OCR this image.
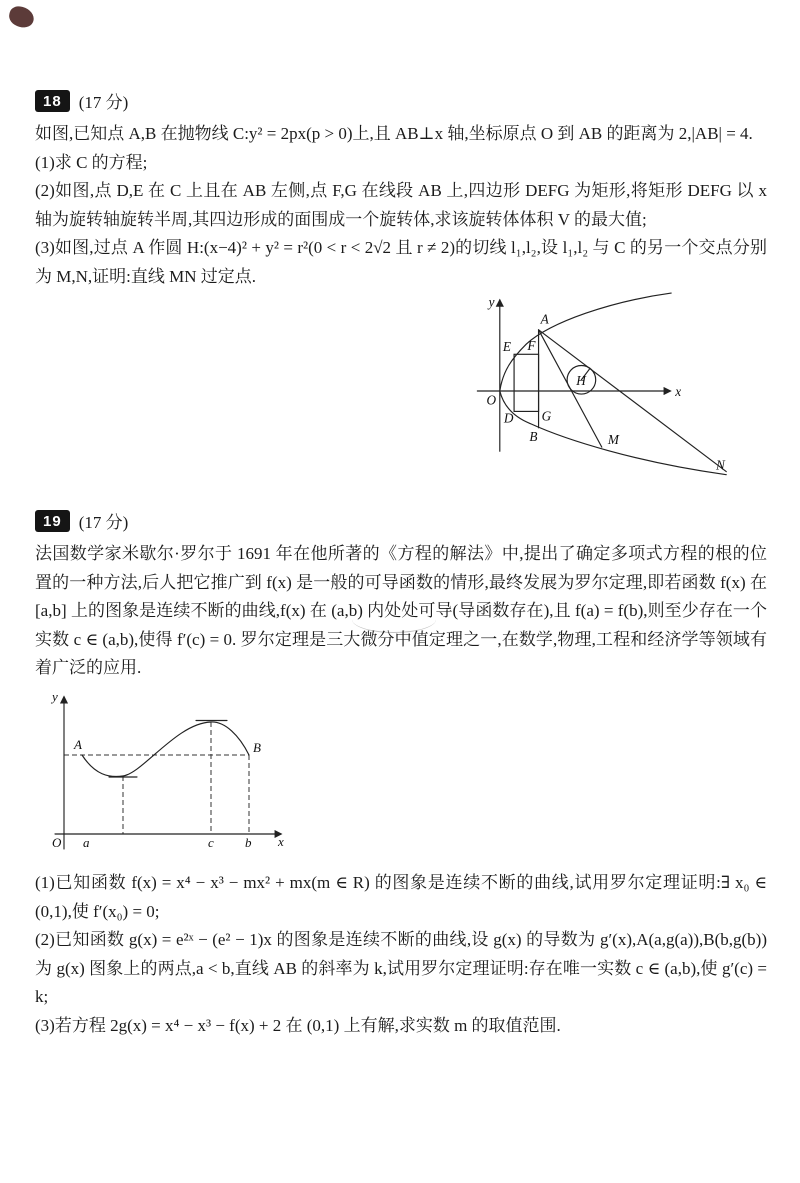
18	(17 分)

如图,已知点 A,B 在抛物线 C:y² = 2px(p > 0)上,且 AB⊥x 轴,坐标原点 O 到 AB 的距离为 2,|AB| = 4.

(1)求 C 的方程;

(2)如图,点 D,E 在 C 上且在 AB 左侧,点 F,G 在线段 AB 上,四边形 DEFG 为矩形,将矩形 DEFG 以 x 轴为旋转轴旋转半周,其四边形成的面围成一个旋转体,求该旋转体体积 V 的最大值;

(3)如图,过点 A 作圆 H:(x−4)² + y² = r²(0 < r < 2√2 且 r ≠ 2)的切线 l₁,l₂,设 l₁,l₂ 与 C 的另一个交点分别为 M,N,证明:直线 MN 过定点.

y
x
O
A
E F
D G
B
H
M
N
19	(17 分)

法国数学家米歇尔·罗尔于 1691 年在他所著的《方程的解法》中,提出了确定多项式方程的根的位置的一种方法,后人把它推广到 f(x) 是一般的可导函数的情形,最终发展为罗尔定理,即若函数 f(x) 在 [a,b] 上的图象是连续不断的曲线,f(x) 在 (a,b) 内处处可导(导函数存在),且 f(a) = f(b),则至少存在一个实数 c ∈ (a,b),使得 f′(c) = 0. 罗尔定理是三大微分中值定理之一,在数学,物理,工程和经济学等领域有着广泛的应用.

y
x
O
A	B
a	c b

(1)已知函数 f(x) = x⁴ − x³ − mx² + mx(m ∈ R) 的图象是连续不断的曲线,试用罗尔定理证明:∃ x₀ ∈ (0,1),使 f′(x₀) = 0;

(2)已知函数 g(x) = e²ˣ − (e² − 1)x 的图象是连续不断的曲线,设 g(x) 的导数为 g′(x),A(a,g(a)),B(b,g(b)) 为 g(x) 图象上的两点,a < b,直线 AB 的斜率为 k,试用罗尔定理证明:存在唯一实数 c ∈ (a,b),使 g′(c) = k;

(3)若方程 2g(x) = x⁴ − x³ − f(x) + 2 在 (0,1) 上有解,求实数 m 的取值范围.
